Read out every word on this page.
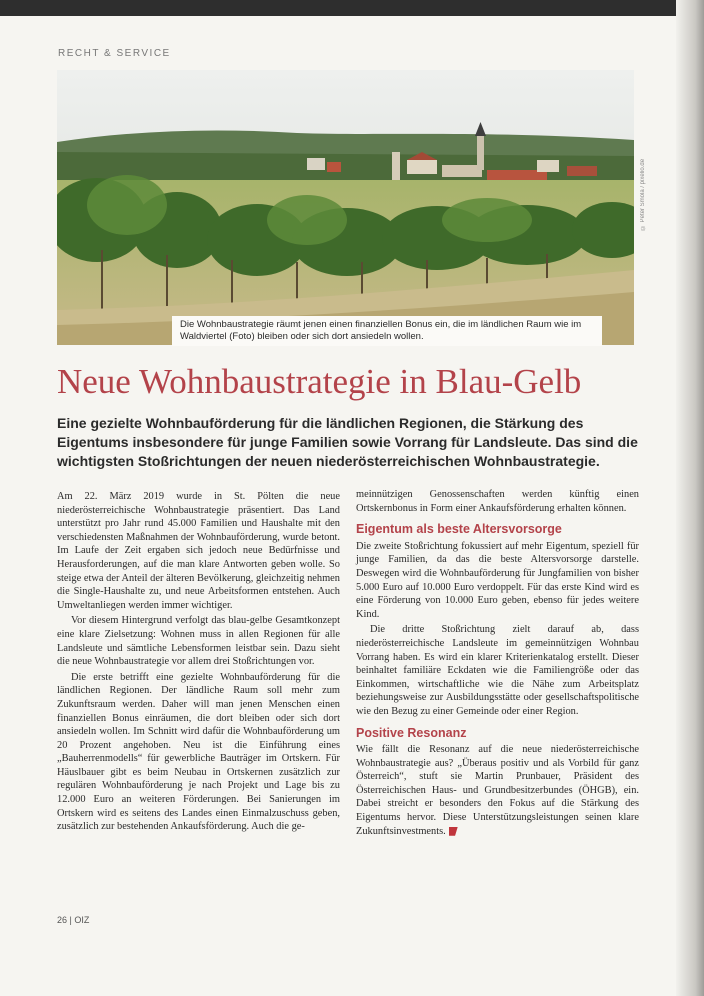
RECHT & SERVICE
© Peter Smola / pixelio.de
Die Wohnbaustrategie räumt jenen einen finanziellen Bonus ein, die im ländlichen Raum wie im Waldviertel (Foto) bleiben oder sich dort ansiedeln wollen.
Neue Wohnbaustrategie in Blau-Gelb
Eine gezielte Wohnbauförderung für die ländlichen Regionen, die Stärkung des Eigentums insbesondere für junge Familien sowie Vorrang für Landsleute. Das sind die wichtigsten Stoßrichtungen der neuen niederösterreichischen Wohnbaustrategie.

Am 22. März 2019 wurde in St. Pölten die neue niederösterreichische Wohnbaustrategie präsentiert. Das Land unterstützt pro Jahr rund 45.000 Familien und Haushalte mit den verschiedensten Maßnahmen der Wohnbauförderung, wurde betont. Im Laufe der Zeit ergaben sich jedoch neue Bedürfnisse und Herausforderungen, auf die man klare Antworten geben wolle. So steige etwa der Anteil der älteren Bevölkerung, gleichzeitig nehmen die Single-Haushalte zu, und neue Arbeitsformen entstehen. Auch Umweltanliegen werden immer wichtiger.

Vor diesem Hintergrund verfolgt das blau-gelbe Gesamtkonzept eine klare Zielsetzung: Wohnen muss in allen Regionen für alle Landsleute und sämtliche Lebensformen leistbar sein. Dazu sieht die neue Wohnbaustrategie vor allem drei Stoßrichtungen vor.

Die erste betrifft eine gezielte Wohnbauförderung für die ländlichen Regionen. Der ländliche Raum soll mehr zum Zukunftsraum werden. Daher will man jenen Menschen einen finanziellen Bonus einräumen, die dort bleiben oder sich dort ansiedeln wollen. Im Schnitt wird dafür die Wohnbauförderung um 20 Prozent angehoben. Neu ist die Einführung eines „Bauherrenmodells“ für gewerbliche Bauträger im Ortskern. Für Häuslbauer gibt es beim Neubau in Ortskernen zusätzlich zur regulären Wohnbauförderung je nach Projekt und Lage bis zu 12.000 Euro an weiteren Förderungen. Bei Sanierungen im Ortskern wird es seitens des Landes einen Einmalzuschuss geben, zusätzlich zur bestehenden Ankaufsförderung. Auch die ge-

meinnützigen Genossenschaften werden künftig einen Ortskernbonus in Form einer Ankaufsförderung erhalten können.

Eigentum als beste Altersvorsorge

Die zweite Stoßrichtung fokussiert auf mehr Eigentum, speziell für junge Familien, da das die beste Altersvorsorge darstelle. Deswegen wird die Wohnbauförderung für Jungfamilien von bisher 5.000 Euro auf 10.000 Euro verdoppelt. Für das erste Kind wird es eine Förderung von 10.000 Euro geben, ebenso für jedes weitere Kind.

Die dritte Stoßrichtung zielt darauf ab, dass niederösterreichische Landsleute im gemeinnützigen Wohnbau Vorrang haben. Es wird ein klarer Kriterienkatalog erstellt. Dieser beinhaltet familiäre Eckdaten wie die Familiengröße oder das Einkommen, wirtschaftliche wie die Nähe zum Arbeitsplatz beziehungsweise zur Ausbildungsstätte oder gesellschaftspolitische wie den Bezug zu einer Gemeinde oder einer Region.

Positive Resonanz

Wie fällt die Resonanz auf die neue niederösterreichische Wohnbaustrategie aus? „Überaus positiv und als Vorbild für ganz Österreich“, stuft sie Martin Prunbauer, Präsident des Österreichischen Haus- und Grundbesitzerbundes (ÖHGB), ein. Dabei streicht er besonders den Fokus auf die Stärkung des Eigentums hervor. Diese Unterstützungsleistungen seinen klare Zukunftsinvestments.

26 | OIZ
